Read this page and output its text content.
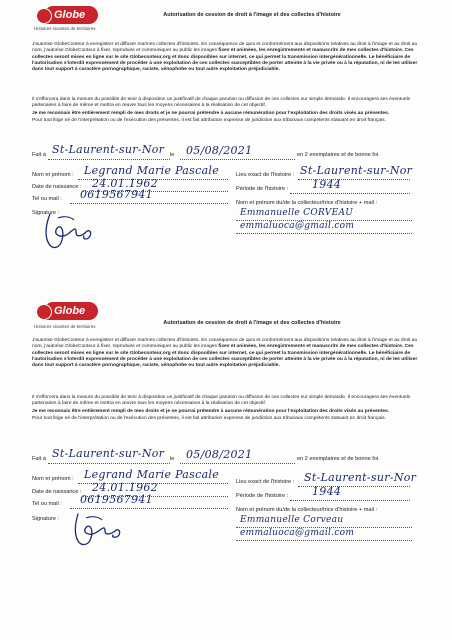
Globe
Histoires vivantes de territoires
Autorisation de cession de droit à l'image et des collectes d'histoire

J'autorise GlobeConteur à enregistrer et diffuser ma/mes collectes d'histoires. En conséquence de quoi et conformément aux dispositions relatives au droit à l'image et au droit au nom, j'autorise GlobeConteur à fixer, reproduire et communiquer au public les images fixes et animées, les enregistrements et manuscrits de mes collectes d'histoire. Ces collectes seront mises en ligne sur le site Globeconteur.org et donc disponibles sur internet, ce qui permet la transmission intergénérationnelle. Le bénéficiaire de l'autorisation s'interdit expressément de procéder à une exploitation de ces collectes susceptibles de porter atteinte à la vie privée ou à la réputation, ni de les utiliser dans tout support à caractère pornographique, raciste, xénophobe ou tout autre exploitation préjudiciable.

Il s'efforcera dans la mesure du possible de tenir à disposition un justificatif de chaque parution ou diffusion de ces collectes sur simple demande. Il encouragera ses éventuels partenaires à faire de même et mettra en œuvre tous les moyens nécessaires à la réalisation de cet objectif.

Je me reconnais être entièrement rempli de mes droits et je ne pourrai prétendre à aucune rémunération pour l'exploitation des droits visés au présentes.

Pour tout litige né de l'interprétation ou de l'exécution des présentes, il est fait attribution expresse de juridiction aux tribunaux compétents statuant en droit français.

Fait à St-Laurent-sur-Nor le 05/08/2021	en 2 exemplaires et de bonne foi.
Nom et prénom : Legrand Marie Pascale
Date de naissance : 24.01.1962
Tel ou mail : 0619567941
Signature :
Lieu exact de l'histoire : St-Laurent-sur-Nor
Période de l'histoire : 1944
Nom et prénom du/de la collecteur/trice d'histoire + mail :
Emmanuelle CORVEAU
emmaluoca@gmail.com
Globe
Histoires vivantes de territoires
Autorisation de cession de droit à l'image et des collectes d'histoire

J'autorise GlobeConteur à enregistrer et diffuser ma/mes collectes d'histoires. En conséquence de quoi et conformément aux dispositions relatives au droit à l'image et au droit au nom, j'autorise GlobeConteur à fixer, reproduire et communiquer au public les images fixes et animées, les enregistrements et manuscrits de mes collectes d'histoire. Ces collectes seront mises en ligne sur le site Globeconteur.org et donc disponibles sur internet, ce qui permet la transmission intergénérationnelle. Le bénéficiaire de l'autorisation s'interdit expressément de procéder à une exploitation de ces collectes susceptibles de porter atteinte à la vie privée ou à la réputation, ni de les utiliser dans tout support à caractère pornographique, raciste, xénophobe ou tout autre exploitation préjudiciable.

Il s'efforcera dans la mesure du possible de tenir à disposition un justificatif de chaque parution ou diffusion de ces collectes sur simple demande. Il encouragera ses éventuels partenaires à faire de même et mettra en œuvre tous les moyens nécessaires à la réalisation de cet objectif.

Je me reconnais être entièrement rempli de mes droits et je ne pourrai prétendre à aucune rémunération pour l'exploitation des droits visés au présentes.

Pour tout litige né de l'interprétation ou de l'exécution des présentes, il est fait attribution expresse de juridiction aux tribunaux compétents statuant en droit français.

Fait à St-Laurent-sur-Nor le 05/08/2021	en 2 exemplaires et de bonne foi.
Nom et prénom : Legrand Marie Pascale
Date de naissance : 24.01.1962
Tel ou mail : 0619567941
Signature :
Lieu exact de l'histoire : St-Laurent-sur-Nor
Période de l'histoire : 1944
Nom et prénom du/de la collecteur/trice d'histoire + mail :
Emmanuelle Corveau
emmaluoca@gmail.com
